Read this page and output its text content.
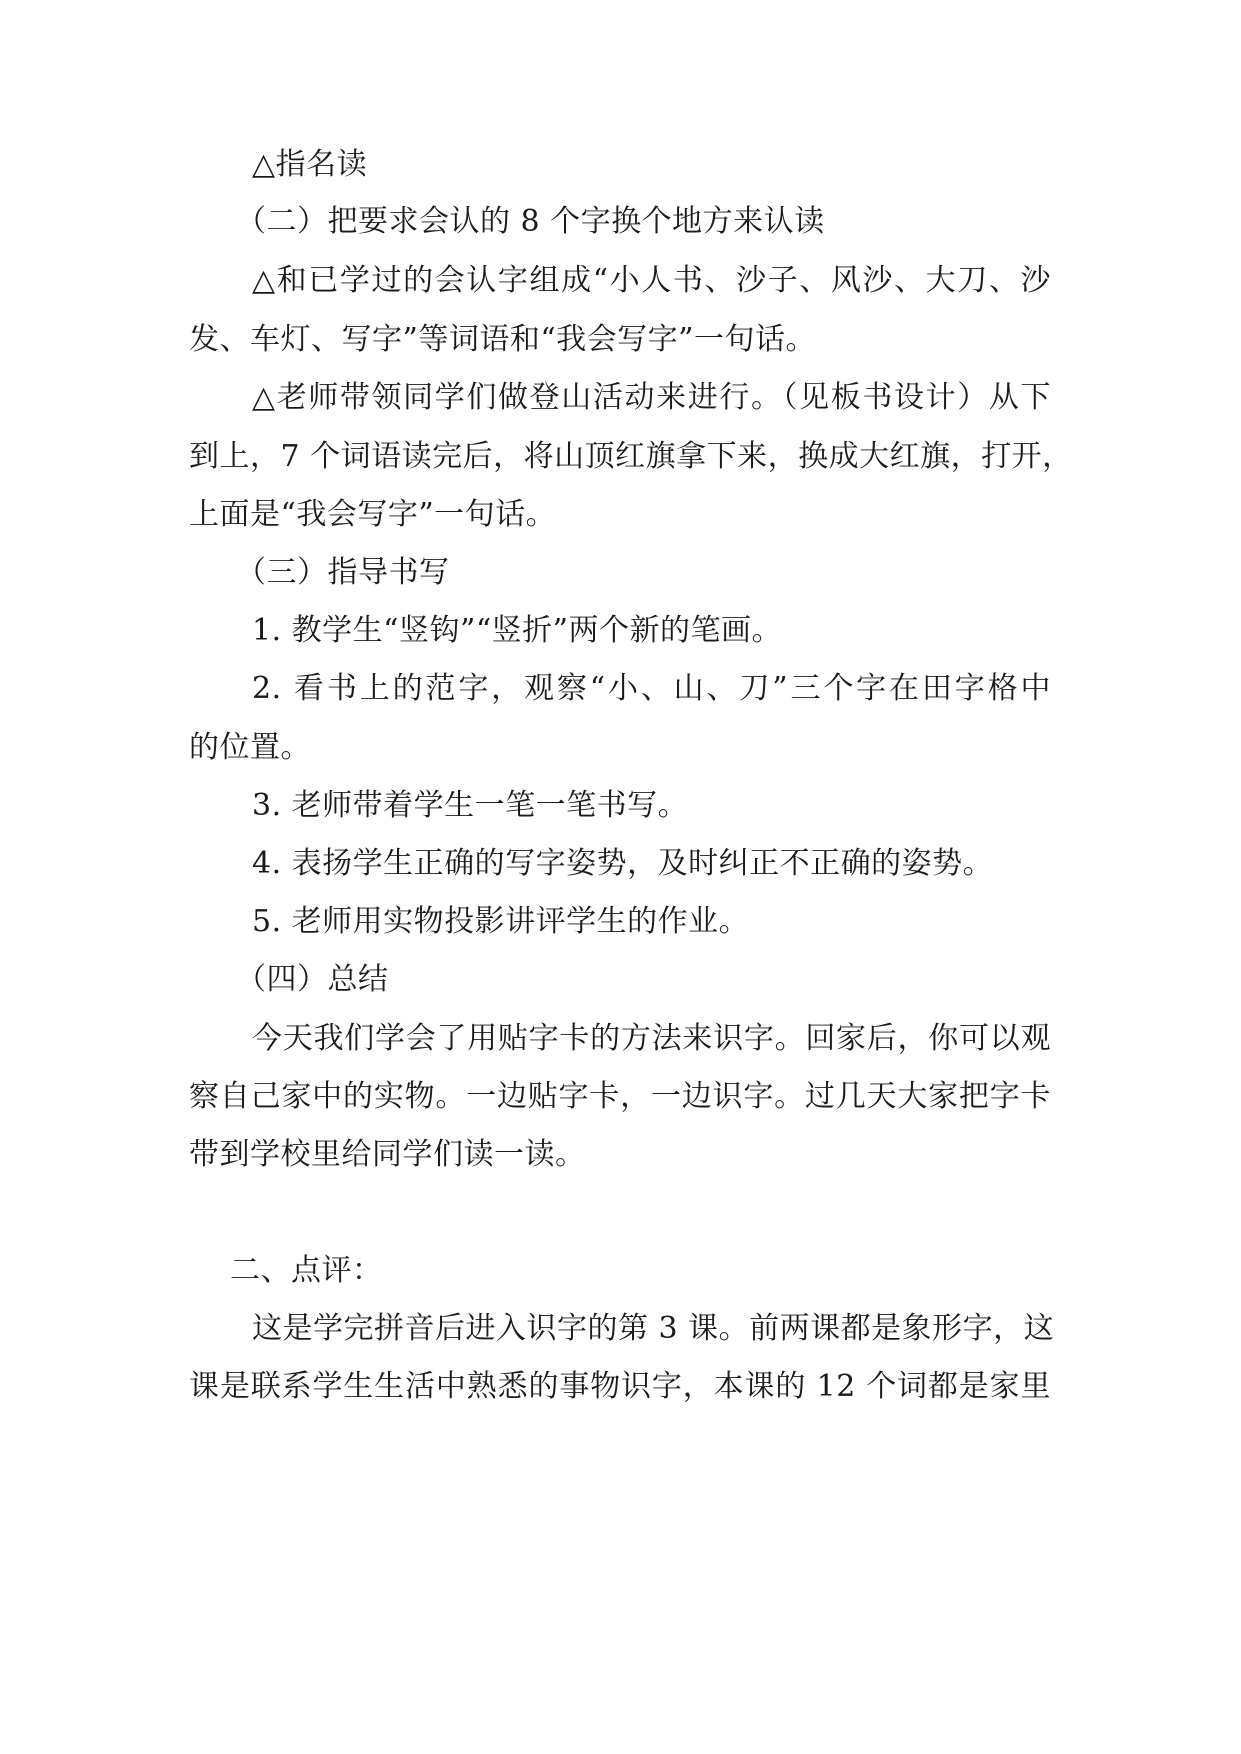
△指名读
（二）把要求会认的 8 个字换个地方来认读
△和已学过的会认字组成“小人书、沙子、风沙、大刀、沙
发、车灯、写字”等词语和“我会写字”一句话。
△老师带领同学们做登山活动来进行。（见板书设计）从下
到上，7 个词语读完后，将山顶红旗拿下来，换成大红旗，打开，
上面是“我会写字”一句话。
（三）指导书写
1. 教学生“竖钩”“竖折”两个新的笔画。
2. 看书上的范字，观察“小、山、刀”三个字在田字格中
的位置。
3. 老师带着学生一笔一笔书写。
4. 表扬学生正确的写字姿势，及时纠正不正确的姿势。
5. 老师用实物投影讲评学生的作业。
（四）总结
今天我们学会了用贴字卡的方法来识字。回家后，你可以观
察自己家中的实物。一边贴字卡，一边识字。过几天大家把字卡
带到学校里给同学们读一读。
二、点评：
这是学完拼音后进入识字的第 3 课。前两课都是象形字，这
课是联系学生生活中熟悉的事物识字，本课的 12 个词都是家里
